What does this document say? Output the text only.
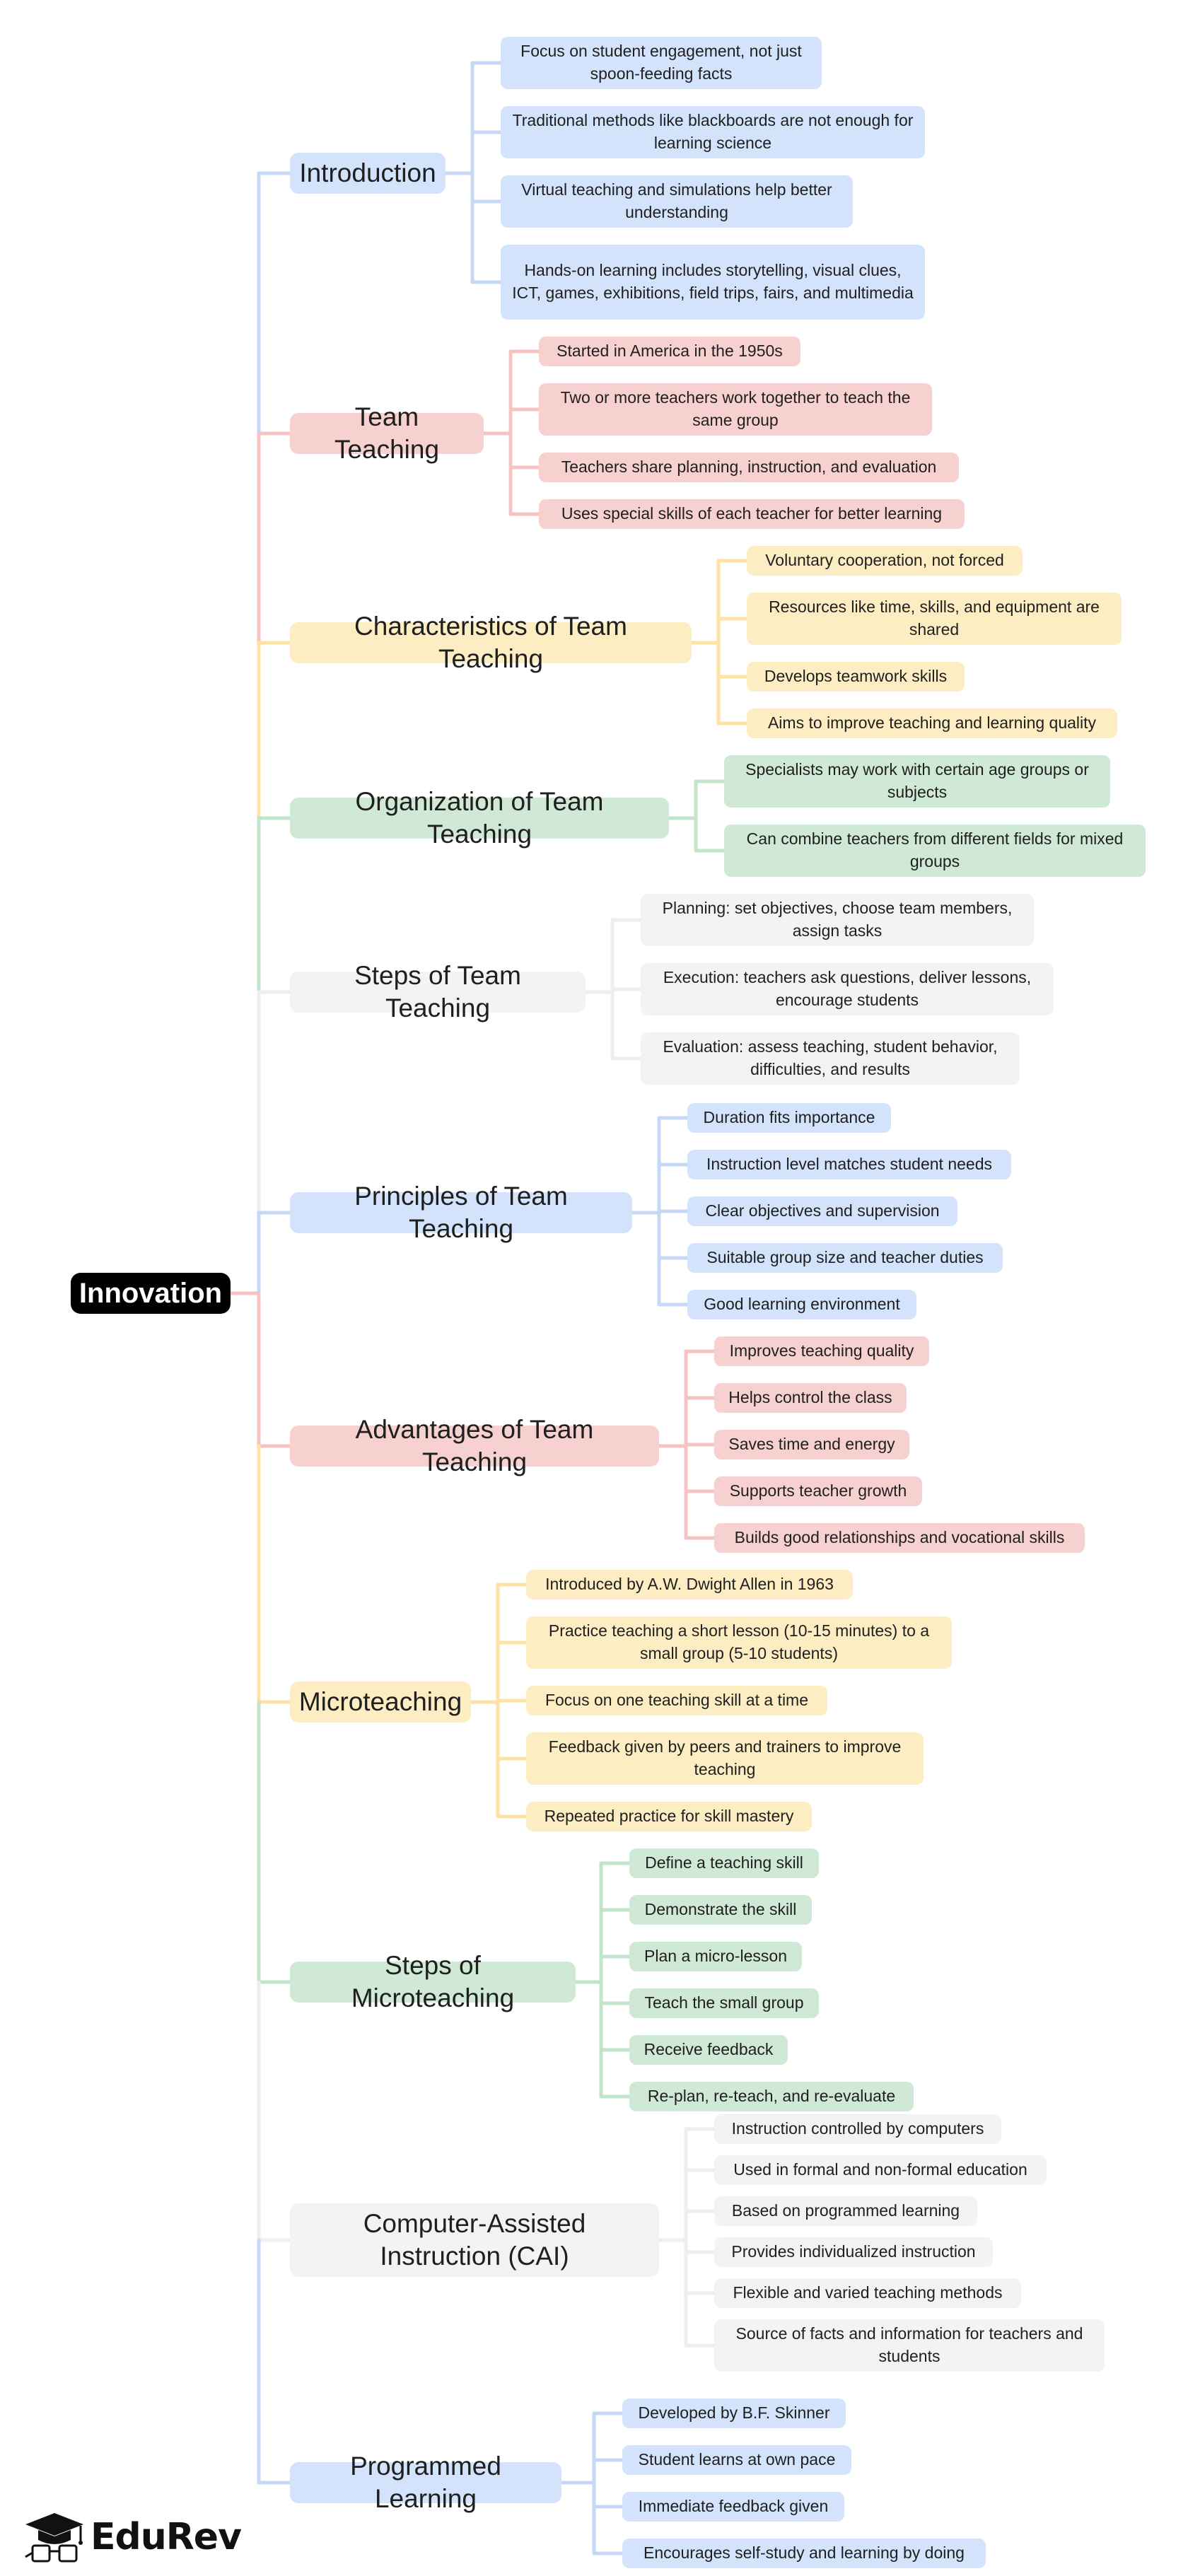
Innovation
Introduction
Focus on student engagement, not just spoon-feeding facts
Traditional methods like blackboards are not enough for learning science
Virtual teaching and simulations help better understanding
Hands-on learning includes storytelling, visual clues, ICT, games, exhibitions, field trips, fairs, and multimedia
Team Teaching
Started in America in the 1950s
Two or more teachers work together to teach the same group
Teachers share planning, instruction, and evaluation
Uses special skills of each teacher for better learning
Characteristics of Team Teaching
Voluntary cooperation, not forced
Resources like time, skills, and equipment are shared
Develops teamwork skills
Aims to improve teaching and learning quality
Organization of Team Teaching
Specialists may work with certain age groups or subjects
Can combine teachers from different fields for mixed groups
Steps of Team Teaching
Planning: set objectives, choose team members, assign tasks
Execution: teachers ask questions, deliver lessons, encourage students
Evaluation: assess teaching, student behavior, difficulties, and results
Principles of Team Teaching
Duration fits importance
Instruction level matches student needs
Clear objectives and supervision
Suitable group size and teacher duties
Good learning environment
Advantages of Team Teaching
Improves teaching quality
Helps control the class
Saves time and energy
Supports teacher growth
Builds good relationships and vocational skills
Microteaching
Introduced by A.W. Dwight Allen in 1963
Practice teaching a short lesson (10-15 minutes) to a small group (5-10 students)
Focus on one teaching skill at a time
Feedback given by peers and trainers to improve teaching
Repeated practice for skill mastery
Steps of Microteaching
Define a teaching skill
Demonstrate the skill
Plan a micro-lesson
Teach the small group
Receive feedback
Re-plan, re-teach, and re-evaluate
Computer-Assisted Instruction (CAI)
Instruction controlled by computers
Used in formal and non-formal education
Based on programmed learning
Provides individualized instruction
Flexible and varied teaching methods
Source of facts and information for teachers and students
Programmed Learning
Developed by B.F. Skinner
Student learns at own pace
Immediate feedback given
Encourages self-study and learning by doing
EduRev
